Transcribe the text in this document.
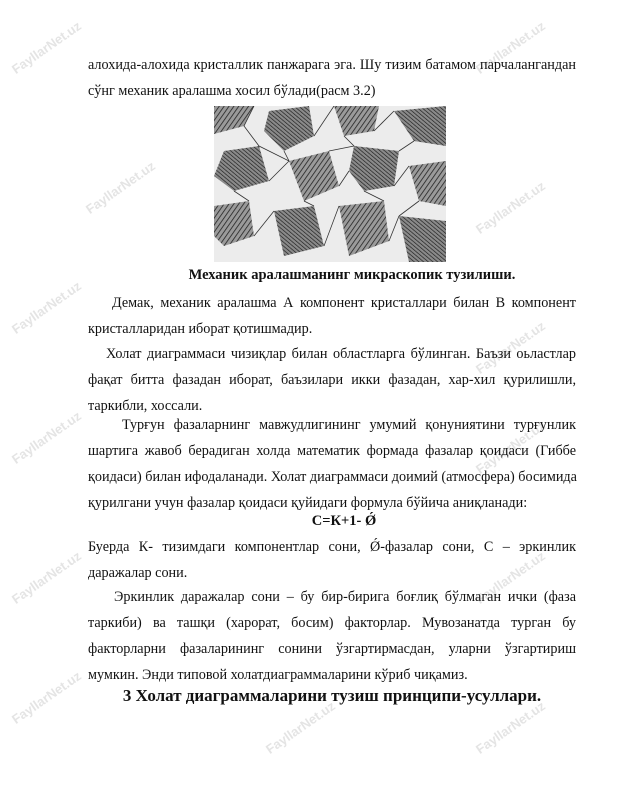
FayllarNet.uz	FayllarNet.uz
FayllarNet.uz	FayllarNet.uz
FayllarNet.uz
FayllarNet.uz
FayllarNet.uz	FayllarNet.uz
FayllarNet.uz	FayllarNet.uz
FayllarNet.uz
FayllarNet.uz	FayllarNet.uz
алохида-алохида кристаллик панжарага эга. Шу тизим батамом парчалангандан
сўнг механик аралашма хосил бўлади(расм 3.2)
Механик аралашманинг микраскопик тузилиши.
Демак, механик аралашма А компонент кристаллари билан В компонент
кристалларидан иборат қотишмадир.
Холат диаграммаси чизиқлар билан областларга бўлинган. Баъзи оьластлар
фақат битта фазадан иборат, баъзилари икки фазадан, хар-хил қурилишли,
таркибли, хоссали.
Турғун фазаларнинг мавжудлигининг умумий қонуниятини турғунлик
шартига жавоб берадиган холда математик формада фазалар қоидаси (Гиббе
қоидаси) билан ифодаланади. Холат диаграммаси доимий (атмосфера) босимида
қурилгани учун фазалар қоидаси қуйидаги формула бўйича аниқланади:
С=К+1- Ǿ
Буерда К- тизимдаги компонентлар сони, Ǿ-фазалар сони, С – эркинлик
даражалар сони.
Эркинлик даражалар сони – бу бир-бирига боғлиқ бўлмаган ички (фаза
таркиби) ва ташқи (харорат, босим) факторлар. Мувозанатда турган бу
факторларни фазаларининг сонини ўзгартирмасдан, уларни ўзгартириш
мумкин. Энди типовой холатдиаграммаларини кўриб чиқамиз.
3 Холат диаграммаларини тузиш принципи-усуллари.
